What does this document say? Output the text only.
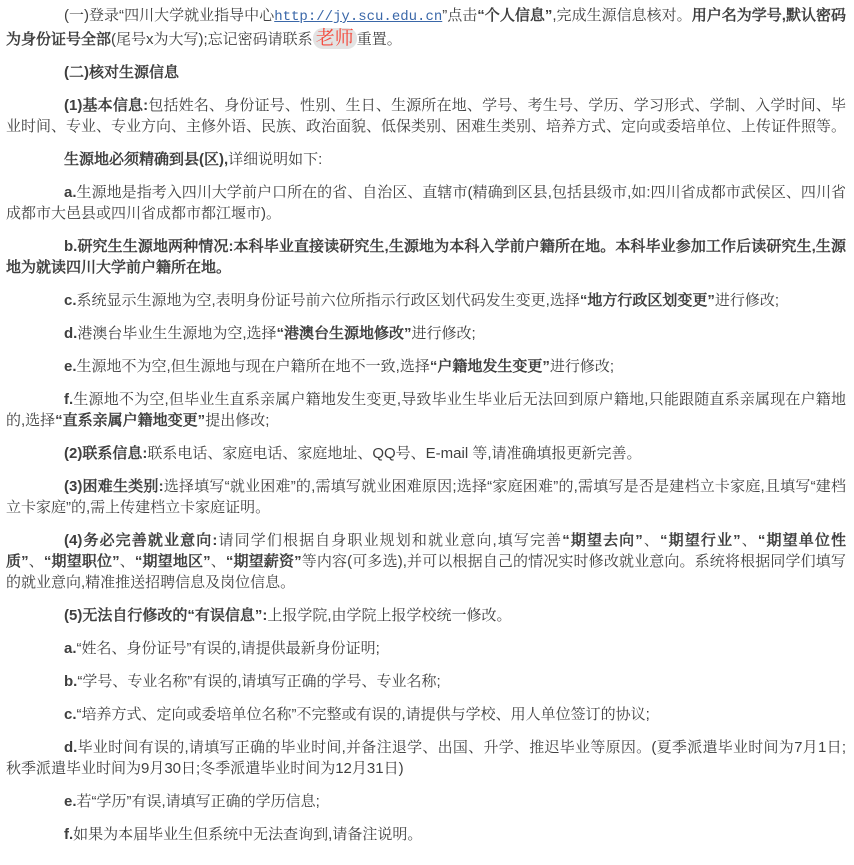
(一)登录“四川大学就业指导中心http://jy.scu.edu.cn”点击“个人信息”,完成生源信息核对。用户名为学号,默认密码为身份证号全部(尾号x为大写);忘记密码请联系 老师 重置。

(二)核对生源信息

(1)基本信息:包括姓名、身份证号、性别、生日、生源所在地、学号、考生号、学历、学习形式、学制、入学时间、毕业时间、专业、专业方向、主修外语、民族、政治面貌、低保类别、困难生类别、培养方式、定向或委培单位、上传证件照等。

生源地必须精确到县(区),详细说明如下:

a.生源地是指考入四川大学前户口所在的省、自治区、直辖市(精确到区县,包括县级市,如:四川省成都市武侯区、四川省成都市大邑县或四川省成都市都江堰市)。

b.研究生生源地两种情况:本科毕业直接读研究生,生源地为本科入学前户籍所在地。本科毕业参加工作后读研究生,生源地为就读四川大学前户籍所在地。

c.系统显示生源地为空,表明身份证号前六位所指示行政区划代码发生变更,选择“地方行政区划变更”进行修改;

d.港澳台毕业生生源地为空,选择“港澳台生源地修改”进行修改;

e.生源地不为空,但生源地与现在户籍所在地不一致,选择“户籍地发生变更”进行修改;

f.生源地不为空,但毕业生直系亲属户籍地发生变更,导致毕业生毕业后无法回到原户籍地,只能跟随直系亲属现在户籍地的,选择“直系亲属户籍地变更”提出修改;

(2)联系信息:联系电话、家庭电话、家庭地址、QQ号、E-mail 等,请准确填报更新完善。

(3)困难生类别:选择填写“就业困难”的,需填写就业困难原因;选择“家庭困难”的,需填写是否是建档立卡家庭,且填写“建档立卡家庭”的,需上传建档立卡家庭证明。

(4)务必完善就业意向:请同学们根据自身职业规划和就业意向,填写完善“期望去向”、“期望行业”、“期望单位性质”、“期望职位”、“期望地区”、“期望薪资”等内容(可多选),并可以根据自己的情况实时修改就业意向。系统将根据同学们填写的就业意向,精准推送招聘信息及岗位信息。

(5)无法自行修改的“有误信息”:上报学院,由学院上报学校统一修改。

a.“姓名、身份证号”有误的,请提供最新身份证明;

b.“学号、专业名称”有误的,请填写正确的学号、专业名称;

c.“培养方式、定向或委培单位名称”不完整或有误的,请提供与学校、用人单位签订的协议;

d.毕业时间有误的,请填写正确的毕业时间,并备注退学、出国、升学、推迟毕业等原因。(夏季派遣毕业时间为7月1日;秋季派遣毕业时间为9月30日;冬季派遣毕业时间为12月31日)

e.若“学历”有误,请填写正确的学历信息;

f.如果为本届毕业生但系统中无法查询到,请备注说明。
